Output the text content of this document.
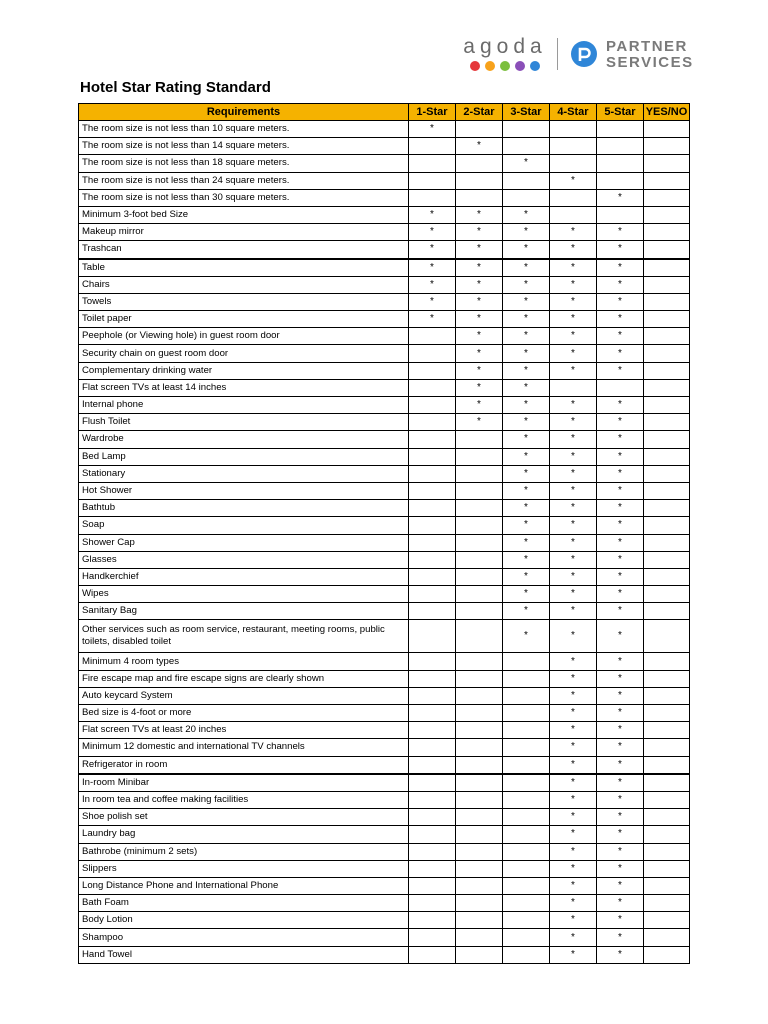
agoda	PARTNER
SERVICES
Hotel Star Rating Standard
Requirements	1-Star	2-Star	3-Star	4-Star	5-Star	YES/NO
The room size is not less than 10 square meters.	*					
The room size is not less than 14 square meters.		*				
The room size is not less than 18 square meters.			*			
The room size is not less than 24 square meters.				*		
The room size is not less than 30 square meters.					*	
Minimum 3-foot bed Size	*	*	*			
Makeup mirror	*	*	*	*	*	
Trashcan	*	*	*	*	*	
Table	*	*	*	*	*	
Chairs	*	*	*	*	*	
Towels	*	*	*	*	*	
Toilet paper	*	*	*	*	*	
Peephole (or Viewing hole) in guest room door		*	*	*	*	
Security chain on guest room door		*	*	*	*	
Complementary drinking water		*	*	*	*	
Flat screen TVs at least 14 inches		*	*			
Internal phone		*	*	*	*	
Flush Toilet		*	*	*	*	
Wardrobe			*	*	*	
Bed Lamp			*	*	*	
Stationary			*	*	*	
Hot Shower			*	*	*	
Bathtub			*	*	*	
Soap			*	*	*	
Shower Cap			*	*	*	
Glasses			*	*	*	
Handkerchief			*	*	*	
Wipes			*	*	*	
Sanitary Bag			*	*	*	
Other services such as room service, restaurant, meeting rooms, public toilets, disabled toilet			*	*	*	
Minimum 4 room types				*	*	
Fire escape map and fire escape signs are clearly shown				*	*	
Auto keycard System				*	*	
Bed size is 4-foot or more				*	*	
Flat screen TVs at least 20 inches				*	*	
Minimum 12 domestic and international TV channels				*	*	
Refrigerator in room				*	*	
In-room Minibar				*	*	
In room tea and coffee making facilities				*	*	
Shoe polish set				*	*	
Laundry bag				*	*	
Bathrobe (minimum 2 sets)				*	*	
Slippers				*	*	
Long Distance Phone and International Phone				*	*	
Bath Foam				*	*	
Body Lotion				*	*	
Shampoo				*	*	
Hand Towel				*	*	
